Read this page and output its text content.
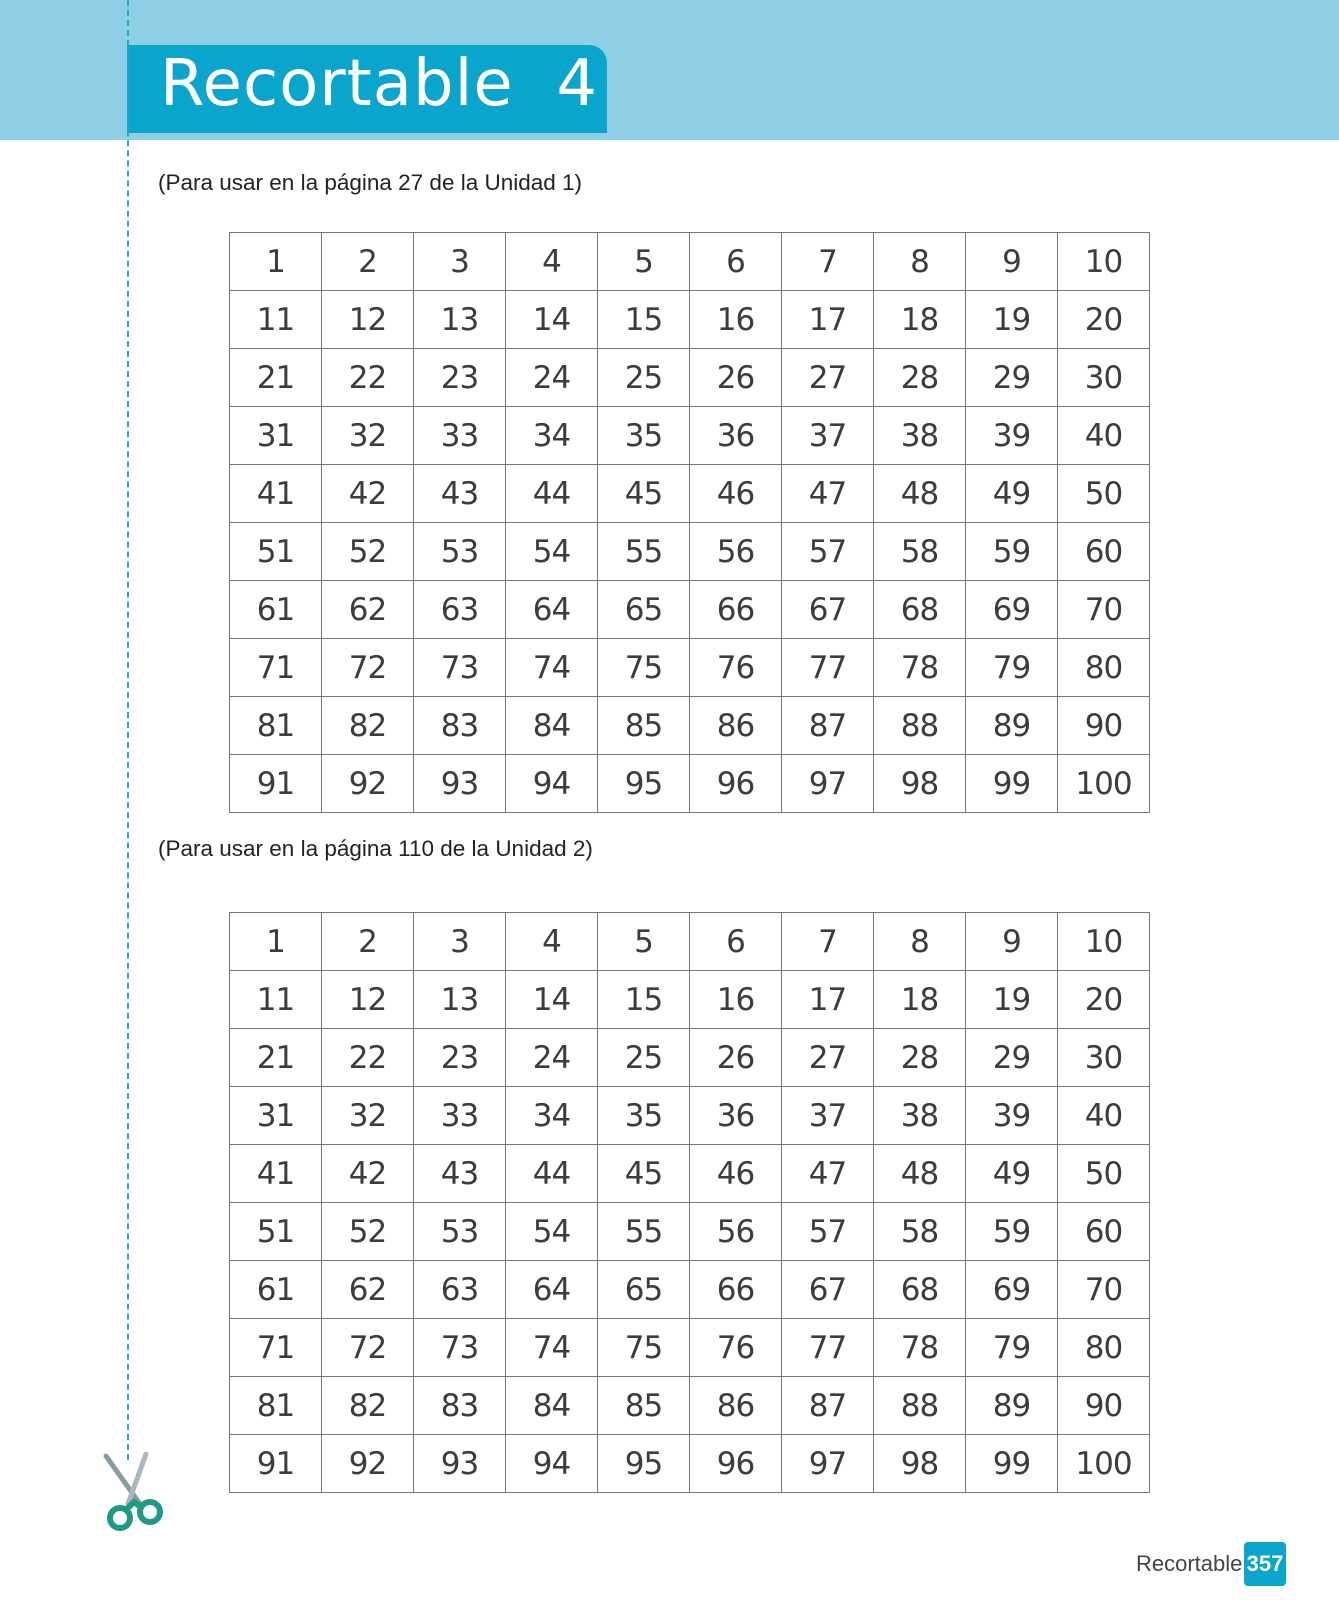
Recortable  4
(Para usar en la página 27 de la Unidad 1)
1	2	3	4	5	6	7	8	9	10
11	12	13	14	15	16	17	18	19	20
21	22	23	24	25	26	27	28	29	30
31	32	33	34	35	36	37	38	39	40
41	42	43	44	45	46	47	48	49	50
51	52	53	54	55	56	57	58	59	60
61	62	63	64	65	66	67	68	69	70
71	72	73	74	75	76	77	78	79	80
81	82	83	84	85	86	87	88	89	90
91	92	93	94	95	96	97	98	99	100
(Para usar en la página 110 de la Unidad 2)
1	2	3	4	5	6	7	8	9	10
11	12	13	14	15	16	17	18	19	20
21	22	23	24	25	26	27	28	29	30
31	32	33	34	35	36	37	38	39	40
41	42	43	44	45	46	47	48	49	50
51	52	53	54	55	56	57	58	59	60
61	62	63	64	65	66	67	68	69	70
71	72	73	74	75	76	77	78	79	80
81	82	83	84	85	86	87	88	89	90
91	92	93	94	95	96	97	98	99	100
Recortable 357
